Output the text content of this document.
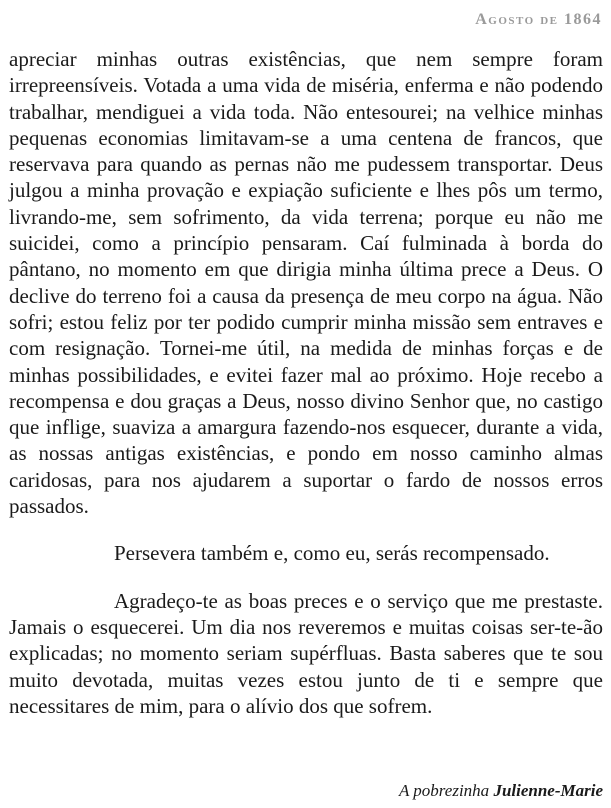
Agosto de 1864

apreciar minhas outras existências, que nem sempre foram irrepreensíveis. Votada a uma vida de miséria, enferma e não podendo trabalhar, mendiguei a vida toda. Não entesourei; na velhice minhas pequenas economias limitavam-se a uma centena de francos, que reservava para quando as pernas não me pudessem transportar. Deus julgou a minha provação e expiação suficiente e lhes pôs um termo, livrando-me, sem sofrimento, da vida terrena; porque eu não me suicidei, como a princípio pensaram. Caí fulminada à borda do pântano, no momento em que dirigia minha última prece a Deus. O declive do terreno foi a causa da presença de meu corpo na água. Não sofri; estou feliz por ter podido cumprir minha missão sem entraves e com resignação. Tornei-me útil, na medida de minhas forças e de minhas possibilidades, e evitei fazer mal ao próximo. Hoje recebo a recompensa e dou graças a Deus, nosso divino Senhor que, no castigo que inflige, suaviza a amargura fazendo-nos esquecer, durante a vida, as nossas antigas existências, e pondo em nosso caminho almas caridosas, para nos ajudarem a suportar o fardo de nossos erros passados.

Persevera também e, como eu, serás recompensado.

Agradeço-te as boas preces e o serviço que me prestaste. Jamais o esquecerei. Um dia nos reveremos e muitas coisas ser-te-ão explicadas; no momento seriam supérfluas. Basta saberes que te sou muito devotada, muitas vezes estou junto de ti e sempre que necessitares de mim, para o alívio dos que sofrem.

A pobrezinha Julienne-Marie
